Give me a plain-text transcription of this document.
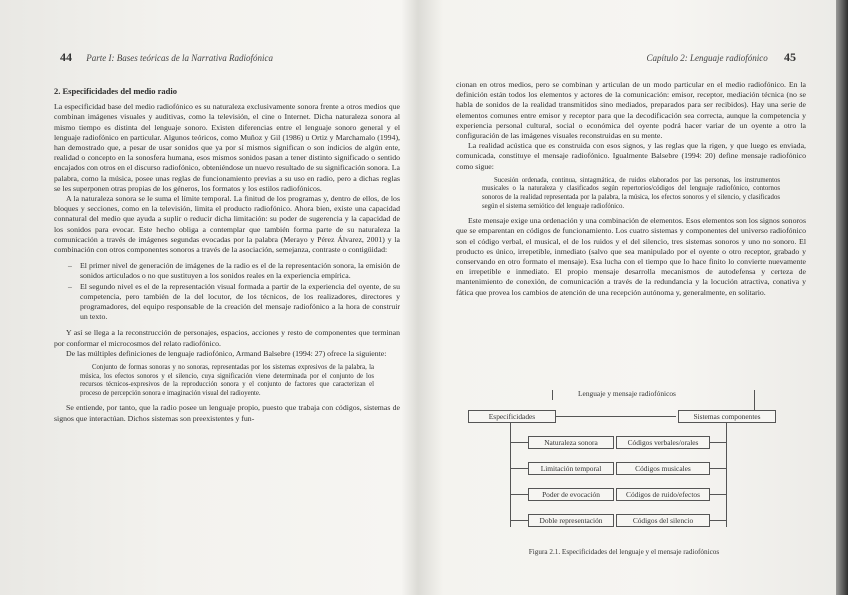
44 Parte I: Bases teóricas de la Narrativa Radiofónica
2. Especificidades del medio radio

La especificidad base del medio radiofónico es su naturaleza exclusivamente sonora frente a otros medios que combinan imágenes visuales y auditivas, como la televisión, el cine o Internet. Dicha naturaleza sonora al mismo tiempo es distinta del lenguaje sonoro. Existen diferencias entre el lenguaje sonoro general y el lenguaje radiofónico en particular. Algunos teóricos, como Muñoz y Gil (1986) u Ortiz y Marchamalo (1994), han demostrado que, a pesar de usar sonidos que ya por sí mismos significan o son indicios de algún ente, realidad o concepto en la sonosfera humana, esos mismos sonidos pasan a tener distinto significado o sentido encajados con otros en el discurso radiofónico, obteniéndose un nuevo resultado de su significación sonora. La palabra, como la música, posee unas reglas de funcionamiento previas a su uso en radio, pero a dichas reglas se les superponen otras propias de los géneros, los formatos y los estilos radiofónicos.

A la naturaleza sonora se le suma el límite temporal. La finitud de los programas y, dentro de ellos, de los bloques y secciones, como en la televisión, limita el producto radiofónico. Ahora bien, existe una capacidad connatural del medio que ayuda a suplir o reducir dicha limitación: su poder de sugerencia y la capacidad de los sonidos para evocar. Este hecho obliga a contemplar que también forma parte de su naturaleza la comunicación a través de imágenes segundas evocadas por la palabra (Merayo y Pérez Álvarez, 2001) y la combinación con otros componentes sonoros a través de la asociación, semejanza, contraste o contigüidad:

– El primer nivel de generación de imágenes de la radio es el de la representación sonora, la emisión de sonidos articulados o no que sustituyen a los sonidos reales en la experiencia empírica.
– El segundo nivel es el de la representación visual formada a partir de la experiencia del oyente, de su competencia, pero también de la del locutor, de los técnicos, de los realizadores, directores y programadores, del equipo responsable de la creación del mensaje radiofónico a la hora de construir un texto.

Y así se llega a la reconstrucción de personajes, espacios, acciones y resto de componentes que terminan por conformar el microcosmos del relato radiofónico.

De las múltiples definiciones de lenguaje radiofónico, Armand Balsebre (1994: 27) ofrece la siguiente:

Conjunto de formas sonoras y no sonoras, representadas por los sistemas expresivos de la palabra, la música, los efectos sonoros y el silencio, cuya significación viene determinada por el conjunto de los recursos técnicos-expresivos de la reproducción sonora y el conjunto de factores que caracterizan el proceso de percepción sonora e imaginación visual del radioyente.

Se entiende, por tanto, que la radio posee un lenguaje propio, puesto que trabaja con códigos, sistemas de signos que interactúan. Dichos sistemas son preexistentes y fun-

Capítulo 2: Lenguaje radiofónico 45

cionan en otros medios, pero se combinan y articulan de un modo particular en el medio radiofónico. En la definición están todos los elementos y actores de la comunicación: emisor, receptor, mediación técnica (no se habla de sonidos de la realidad transmitidos sino mediados, preparados para ser recibidos). Hay una serie de elementos comunes entre emisor y receptor para que la decodificación sea correcta, aunque la competencia y experiencia personal cultural, social o económica del oyente podrá hacer variar de un oyente a otro la configuración de las imágenes visuales reconstruidas en su mente.

La realidad acústica que es construida con esos signos, y las reglas que la rigen, y que luego es enviada, comunicada, constituye el mensaje radiofónico. Igualmente Balsebre (1994: 20) define mensaje radiofónico como sigue:

Sucesión ordenada, continua, sintagmática, de ruidos elaborados por las personas, los instrumentos musicales o la naturaleza y clasificados según repertorios/códigos del lenguaje radiofónico, contornos sonoros de la realidad representada por la palabra, la música, los efectos sonoros y el silencio, y clasificados según el sistema semiótico del lenguaje radiofónico.

Este mensaje exige una ordenación y una combinación de elementos. Esos elementos son los signos sonoros que se emparentan en códigos de funcionamiento. Los cuatro sistemas y componentes del universo radiofónico son el código verbal, el musical, el de los ruidos y el del silencio, tres sistemas sonoros y uno no sonoro. El producto es único, irrepetible, inmediato (salvo que sea manipulado por el oyente o otro receptor, grabado y conservando en otro formato el mensaje). Esa lucha con el tiempo que lo hace finito lo convierte nuevamente en irrepetible e inmediato. El propio mensaje desarrolla mecanismos de autodefensa y certeza de mantenimiento de conexión, de comunicación a través de la redundancia y la locución atractiva, conativa y fática que provea los cambios de atención de una recepción autónoma y, generalmente, en solitario.

Lenguaje y mensaje radiofónicos
Especificidades	Sistemas componentes
Naturaleza sonora
Limitación temporal
Poder de evocación
Doble representación
Códigos verbales/orales
Códigos musicales
Códigos de ruido/efectos
Códigos del silencio
Figura 2.1. Especificidades del lenguaje y el mensaje radiofónicos
